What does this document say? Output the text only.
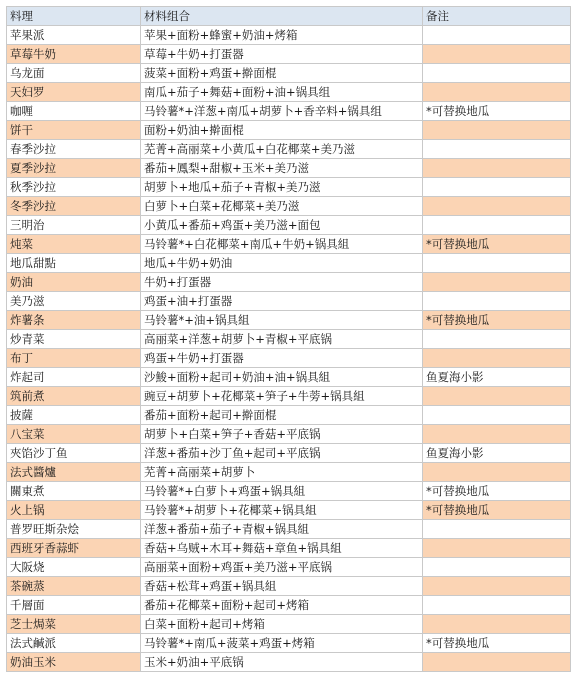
料理	材料组合	备注
苹果派	苹果+面粉+蜂蜜+奶油+烤箱	
草莓牛奶	草莓+牛奶+打蛋器	
乌龙面	菠菜+面粉+鸡蛋+擀面棍	
天妇罗	南瓜+茄子+舞菇+面粉+油+锅具组	
咖喱	马铃薯*+洋葱+南瓜+胡萝卜+香辛料+锅具组	*可替换地瓜
饼干	面粉+奶油+擀面棍	
春季沙拉	芜菁+高丽菜+小黄瓜+白花椰菜+美乃滋	
夏季沙拉	番茄+鳳梨+甜椒+玉米+美乃滋	
秋季沙拉	胡萝卜+地瓜+茄子+青椒+美乃滋	
冬季沙拉	白萝卜+白菜+花椰菜+美乃滋	
三明治	小黄瓜+番茄+鸡蛋+美乃滋+面包	
炖菜	马铃薯*+白花椰菜+南瓜+牛奶+锅具組	*可替换地瓜
地瓜甜點	地瓜+牛奶+奶油	
奶油	牛奶+打蛋器	
美乃滋	鸡蛋+油+打蛋器	
炸薯条	马铃薯*+油+锅具組	*可替换地瓜
炒青菜	高丽菜+洋葱+胡萝卜+青椒+平底锅	
布丁	鸡蛋+牛奶+打蛋器	
炸起司	沙鮻+面粉+起司+奶油+油+锅具組	鱼夏海小影
筑前煮	豌豆+胡萝卜+花椰菜+笋子+牛蒡+锅具組	
披薩	番茄+面粉+起司+擀面棍	
八宝菜	胡萝卜+白菜+笋子+香菇+平底锅	
夾馅沙丁鱼	洋葱+番茄+沙丁鱼+起司+平底锅	鱼夏海小影
法式醬爐	芜菁+高丽菜+胡萝卜	
關東煮	马铃薯*+白萝卜+鸡蛋+锅具組	*可替换地瓜
火上锅	马铃薯*+胡萝卜+花椰菜+锅具組	*可替换地瓜
普罗旺斯杂烩	洋葱+番茄+茄子+青椒+锅具組	
西班牙香蒜虾	香菇+乌贼+木耳+舞菇+章鱼+锅具組	
大阪烧	高丽菜+面粉+鸡蛋+美乃滋+平底锅	
茶碗蒸	香菇+松茸+鸡蛋+锅具組	
千層面	番茄+花椰菜+面粉+起司+烤箱	
芝士焗菜	白菜+面粉+起司+烤箱	
法式鹹派	马铃薯*+南瓜+菠菜+鸡蛋+烤箱	*可替换地瓜
奶油玉米	玉米+奶油+平底锅	
